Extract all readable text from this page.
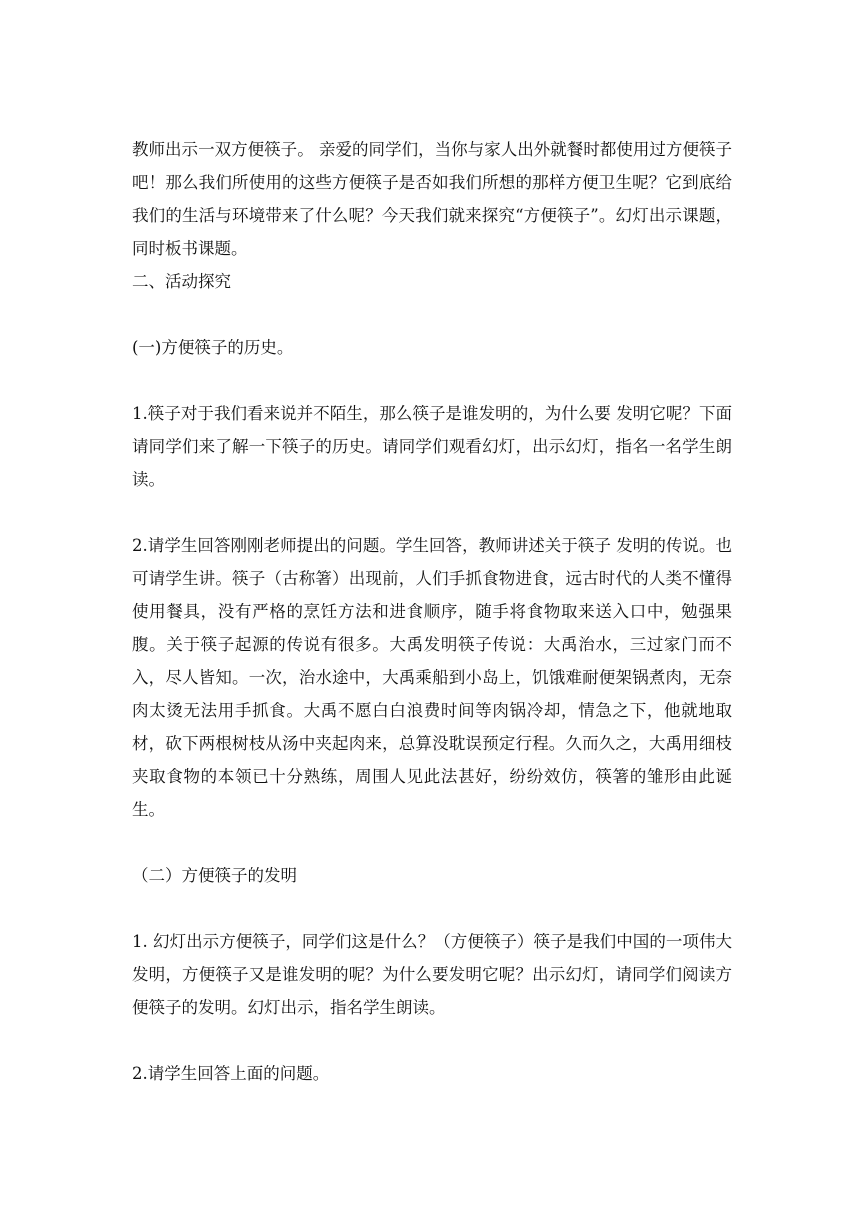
教师出示一双方便筷子。 亲爱的同学们，当你与家人出外就餐时都使用过方便筷子吧！那么我们所使用的这些方便筷子是否如我们所想的那样方便卫生呢？它到底给我们的生活与环境带来了什么呢？今天我们就来探究“方便筷子”。幻灯出示课题，同时板书课题。

二、活动探究

(一)方便筷子的历史。

1.筷子对于我们看来说并不陌生，那么筷子是谁发明的，为什么要 发明它呢？下面请同学们来了解一下筷子的历史。请同学们观看幻灯，出示幻灯，指名一名学生朗读。

2.请学生回答刚刚老师提出的问题。学生回答，教师讲述关于筷子 发明的传说。也可请学生讲。筷子（古称箸）出现前，人们手抓食物进食，远古时代的人类不懂得使用餐具，没有严格的烹饪方法和进食顺序，随手将食物取来送入口中，勉强果腹。关于筷子起源的传说有很多。大禹发明筷子传说：大禹治水，三过家门而不入，尽人皆知。一次，治水途中，大禹乘船到小岛上，饥饿难耐便架锅煮肉，无奈肉太烫无法用手抓食。大禹不愿白白浪费时间等肉锅冷却，情急之下，他就地取材，砍下两根树枝从汤中夹起肉来，总算没耽误预定行程。久而久之，大禹用细枝夹取食物的本领已十分熟练，周围人见此法甚好，纷纷效仿，筷箸的雏形由此诞生。

（二）方便筷子的发明

1. 幻灯出示方便筷子，同学们这是什么？（方便筷子）筷子是我们中国的一项伟大发明，方便筷子又是谁发明的呢？为什么要发明它呢？出示幻灯，请同学们阅读方便筷子的发明。幻灯出示，指名学生朗读。

2.请学生回答上面的问题。
